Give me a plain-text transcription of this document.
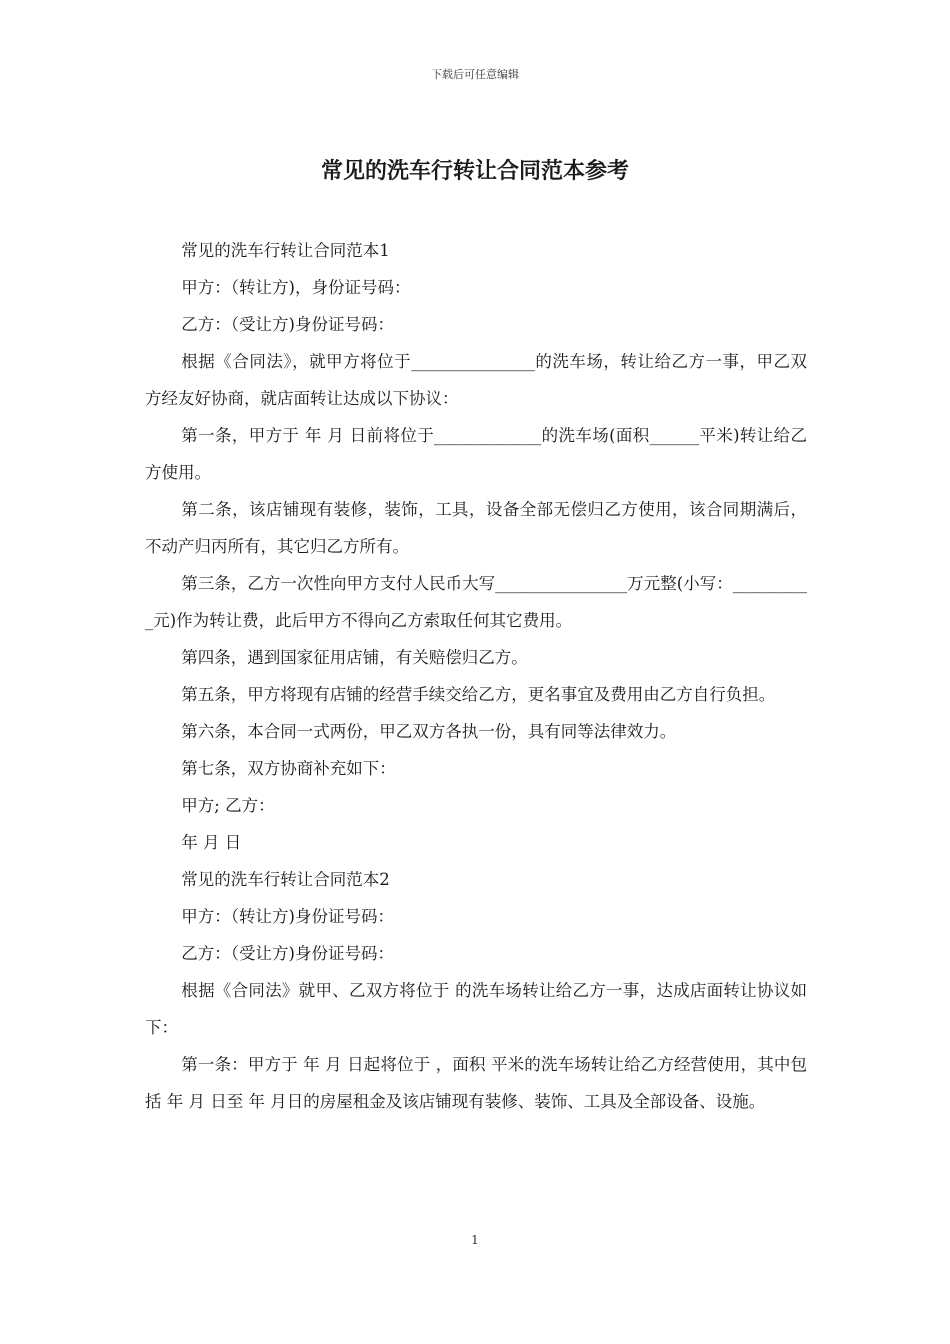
下载后可任意编辑
常见的洗车行转让合同范本参考

常见的洗车行转让合同范本1

甲方：（转让方)，身份证号码：

乙方：（受让方)身份证号码：

根据《合同法》，就甲方将位于_______________的洗车场，转让给乙方一事，甲乙双方经友好协商，就店面转让达成以下协议：

第一条，甲方于 年 月 日前将位于_____________的洗车场(面积______平米)转让给乙方使用。

第二条，该店铺现有装修，装饰，工具，设备全部无偿归乙方使用，该合同期满后，不动产归丙所有，其它归乙方所有。

第三条，乙方一次性向甲方支付人民币大写________________万元整(小写：__________元)作为转让费，此后甲方不得向乙方索取任何其它费用。

第四条，遇到国家征用店铺，有关赔偿归乙方。

第五条，甲方将现有店铺的经营手续交给乙方，更名事宜及费用由乙方自行负担。

第六条，本合同一式两份，甲乙双方各执一份，具有同等法律效力。

第七条，双方协商补充如下：

甲方; 乙方：

年 月 日

常见的洗车行转让合同范本2

甲方：（转让方)身份证号码：

乙方：（受让方)身份证号码：

根据《合同法》就甲、乙双方将位于 的洗车场转让给乙方一事，达成店面转让协议如下：

第一条：甲方于 年 月 日起将位于 ，面积 平米的洗车场转让给乙方经营使用，其中包括 年 月 日至 年 月日的房屋租金及该店铺现有装修、装饰、工具及全部设备、设施。

1
